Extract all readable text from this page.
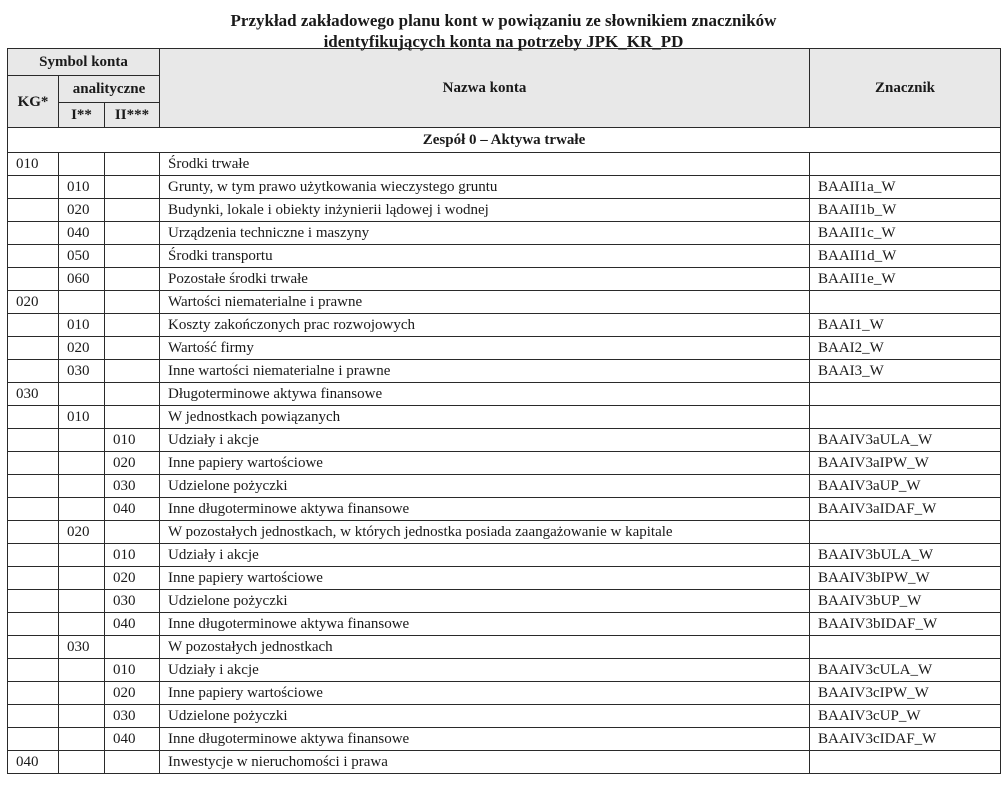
Przykład zakładowego planu kont w powiązaniu ze słownikiem znaczników
identyfikujących konta na potrzeby JPK_KR_PD
Symbol konta			Nazwa konta	Znacznik
KG*	analityczne			
	I**	II***		
Zespół 0 – Aktywa trwałe				
010			Środki trwałe	
	010		Grunty, w tym prawo użytkowania wieczystego gruntu	BAAII1a_W
	020		Budynki, lokale i obiekty inżynierii lądowej i wodnej	BAAII1b_W
	040		Urządzenia techniczne i maszyny	BAAII1c_W
	050		Środki transportu	BAAII1d_W
	060		Pozostałe środki trwałe	BAAII1e_W
020			Wartości niematerialne i prawne	
	010		Koszty zakończonych prac rozwojowych	BAAI1_W
	020		Wartość firmy	BAAI2_W
	030		Inne wartości niematerialne i prawne	BAAI3_W
030			Długoterminowe aktywa finansowe	
	010		W jednostkach powiązanych	
		010	Udziały i akcje	BAAIV3aULA_W
		020	Inne papiery wartościowe	BAAIV3aIPW_W
		030	Udzielone pożyczki	BAAIV3aUP_W
		040	Inne długoterminowe aktywa finansowe	BAAIV3aIDAF_W
	020		W pozostałych jednostkach, w których jednostka posiada zaangażowanie w kapitale	
		010	Udziały i akcje	BAAIV3bULA_W
		020	Inne papiery wartościowe	BAAIV3bIPW_W
		030	Udzielone pożyczki	BAAIV3bUP_W
		040	Inne długoterminowe aktywa finansowe	BAAIV3bIDAF_W
	030		W pozostałych jednostkach	
		010	Udziały i akcje	BAAIV3cULA_W
		020	Inne papiery wartościowe	BAAIV3cIPW_W
		030	Udzielone pożyczki	BAAIV3cUP_W
		040	Inne długoterminowe aktywa finansowe	BAAIV3cIDAF_W
040			Inwestycje w nieruchomości i prawa	
